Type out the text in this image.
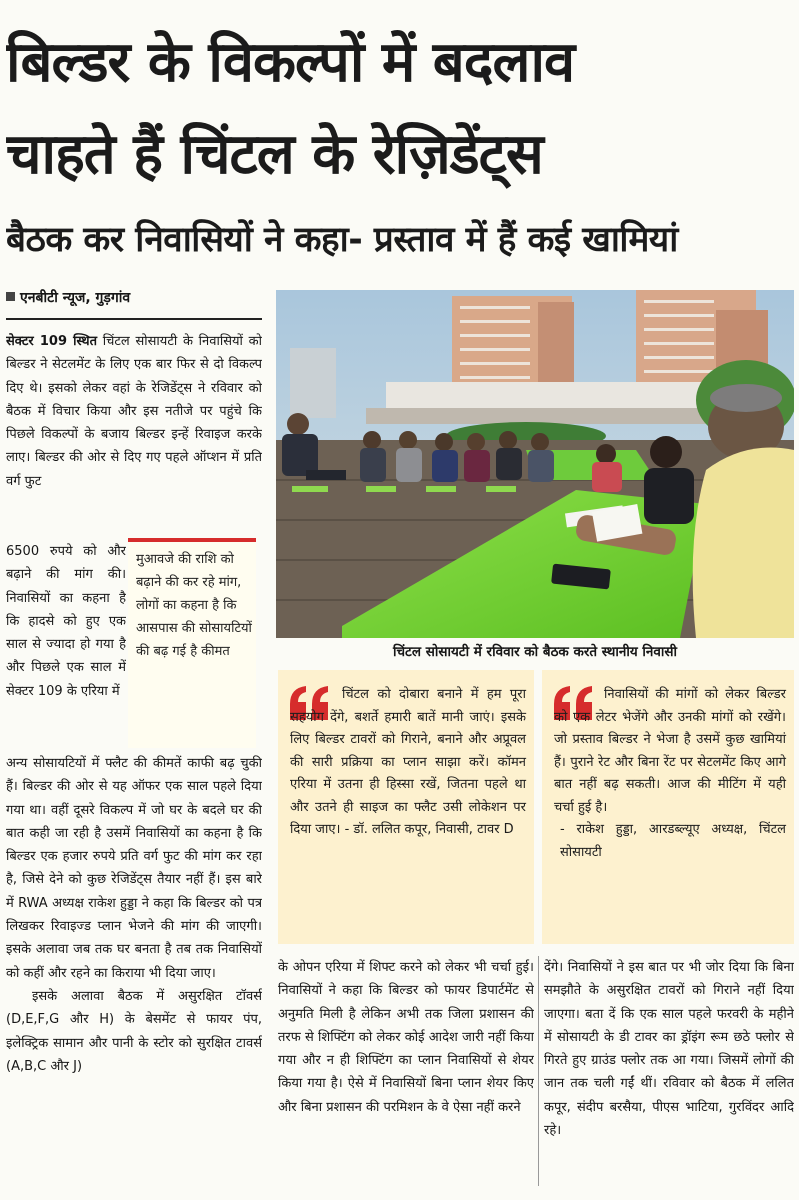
बिल्डर के विकल्पों में बदलाव
चाहते हैं चिंटल के रेज़िडेंट्स
बैठक कर निवासियों ने कहा- प्रस्ताव में हैं कई खामियां
एनबीटी न्यूज, गुड़गांव
सेक्टर 109 स्थित चिंटल सोसायटी के निवासियों को बिल्डर ने सेटलमेंट के लिए एक बार फिर से दो विकल्प दिए थे। इसको लेकर वहां के रेजिडेंट्स ने रविवार को बैठक में विचार किया और इस नतीजे पर पहुंचे कि पिछले विकल्पों के बजाय बिल्डर इन्हें रिवाइज करके लाए। बिल्डर की ओर से दिए गए पहले ऑप्शन में प्रति वर्ग फुट
6500 रुपये को और बढ़ाने की मांग की। निवासियों का कहना है कि हादसे को हुए एक साल से ज्यादा हो गया है और पिछले एक साल में सेक्टर 109 के एरिया में
मुआवजे की राशि को बढ़ाने की कर रहे मांग, लोगों का कहना है कि आसपास की सोसायटियों की बढ़ गई है कीमत
अन्य सोसायटियों में फ्लैट की कीमतें काफी बढ़ चुकी हैं। बिल्डर की ओर से यह ऑफर एक साल पहले दिया गया था। वहीं दूसरे विकल्प में जो घर के बदले घर की बात कही जा रही है उसमें निवासियों का कहना है कि बिल्डर एक हजार रुपये प्रति वर्ग फुट की मांग कर रहा है, जिसे देने को कुछ रेजिडेंट्स तैयार नहीं हैं। इस बारे में RWA अध्यक्ष राकेश हुड्डा ने कहा कि बिल्डर को पत्र लिखकर रिवाइज्ड प्लान भेजने की मांग की जाएगी। इसके अलावा जब तक घर बनता है तब तक निवासियों को कहीं और रहने का किराया भी दिया जाए।
इसके अलावा बैठक में असुरक्षित टॉवर्स (D,E,F,G और H) के बेसमेंट से फायर पंप, इलेक्ट्रिक सामान और पानी के स्टोर को सुरक्षित टावर्स (A,B,C और J)
चिंटल सोसायटी में रविवार को बैठक करते स्थानीय निवासी
चिंटल को दोबारा बनाने में हम पूरा सहयोग देंगे, बशर्ते हमारी बातें मानी जाएं। इसके लिए बिल्डर टावरों को गिराने, बनाने और अप्रूवल की सारी प्रक्रिया का प्लान साझा करें। कॉमन एरिया में उतना ही हिस्सा रखें, जितना पहले था और उतने ही साइज का फ्लैट उसी लोकेशन पर दिया जाए। - डॉ. ललित कपूर, निवासी, टावर D
निवासियों की मांगों को लेकर बिल्डर को एक लेटर भेजेंगे और उनकी मांगों को रखेंगे। जो प्रस्ताव बिल्डर ने भेजा है उसमें कुछ खामियां हैं। पुराने रेट और बिना रेंट पर सेटलमेंट किए आगे बात नहीं बढ़ सकती। आज की मीटिंग में यही चर्चा हुई है।

- राकेश हुड्डा, आरडब्ल्यूए अध्यक्ष, चिंटल सोसायटी
के ओपन एरिया में शिफ्ट करने को लेकर भी चर्चा हुई। निवासियों ने कहा कि बिल्डर को फायर डिपार्टमेंट से अनुमति मिली है लेकिन अभी तक जिला प्रशासन की तरफ से शिफ्टिंग को लेकर कोई आदेश जारी नहीं किया गया और न ही शिफ्टिंग का प्लान निवासियों से शेयर किया गया है। ऐसे में निवासियों बिना प्लान शेयर किए और बिना प्रशासन की परमिशन के वे ऐसा नहीं करने
देंगे। निवासियों ने इस बात पर भी जोर दिया कि बिना समझौते के असुरक्षित टावरों को गिराने नहीं दिया जाएगा। बता दें कि एक साल पहले फरवरी के महीने में सोसायटी के डी टावर का ड्रॉइंग रूम छठे फ्लोर से गिरते हुए ग्राउंड फ्लोर तक आ गया। जिसमें लोगों की जान तक चली गईं थीं। रविवार को बैठक में ललित कपूर, संदीप बरसैया, पीएस भाटिया, गुरविंदर आदि रहे।
